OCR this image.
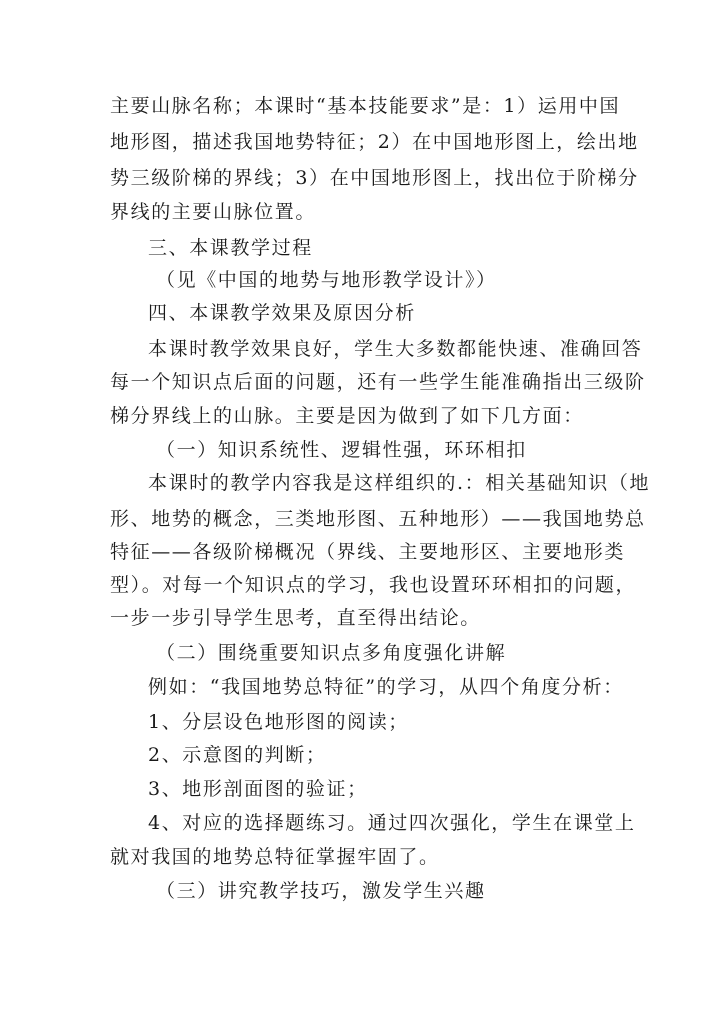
主要山脉名称；本课时“基本技能要求”是：1）运用中国
地形图，描述我国地势特征；2）在中国地形图上，绘出地
势三级阶梯的界线；3）在中国地形图上，找出位于阶梯分
界线的主要山脉位置。
三、本课教学过程
（见《中国的地势与地形教学设计》）
四、本课教学效果及原因分析
本课时教学效果良好，学生大多数都能快速、准确回答
每一个知识点后面的问题，还有一些学生能准确指出三级阶
梯分界线上的山脉。主要是因为做到了如下几方面：
（一）知识系统性、逻辑性强，环环相扣
本课时的教学内容我是这样组织的.：相关基础知识（地
形、地势的概念，三类地形图、五种地形）——我国地势总
特征——各级阶梯概况（界线、主要地形区、主要地形类
型）。对每一个知识点的学习，我也设置环环相扣的问题，
一步一步引导学生思考，直至得出结论。
（二）围绕重要知识点多角度强化讲解
例如：“我国地势总特征”的学习，从四个角度分析：
1、分层设色地形图的阅读；
2、示意图的判断；
3、地形剖面图的验证；
4、对应的选择题练习。通过四次强化，学生在课堂上
就对我国的地势总特征掌握牢固了。
（三）讲究教学技巧，激发学生兴趣
